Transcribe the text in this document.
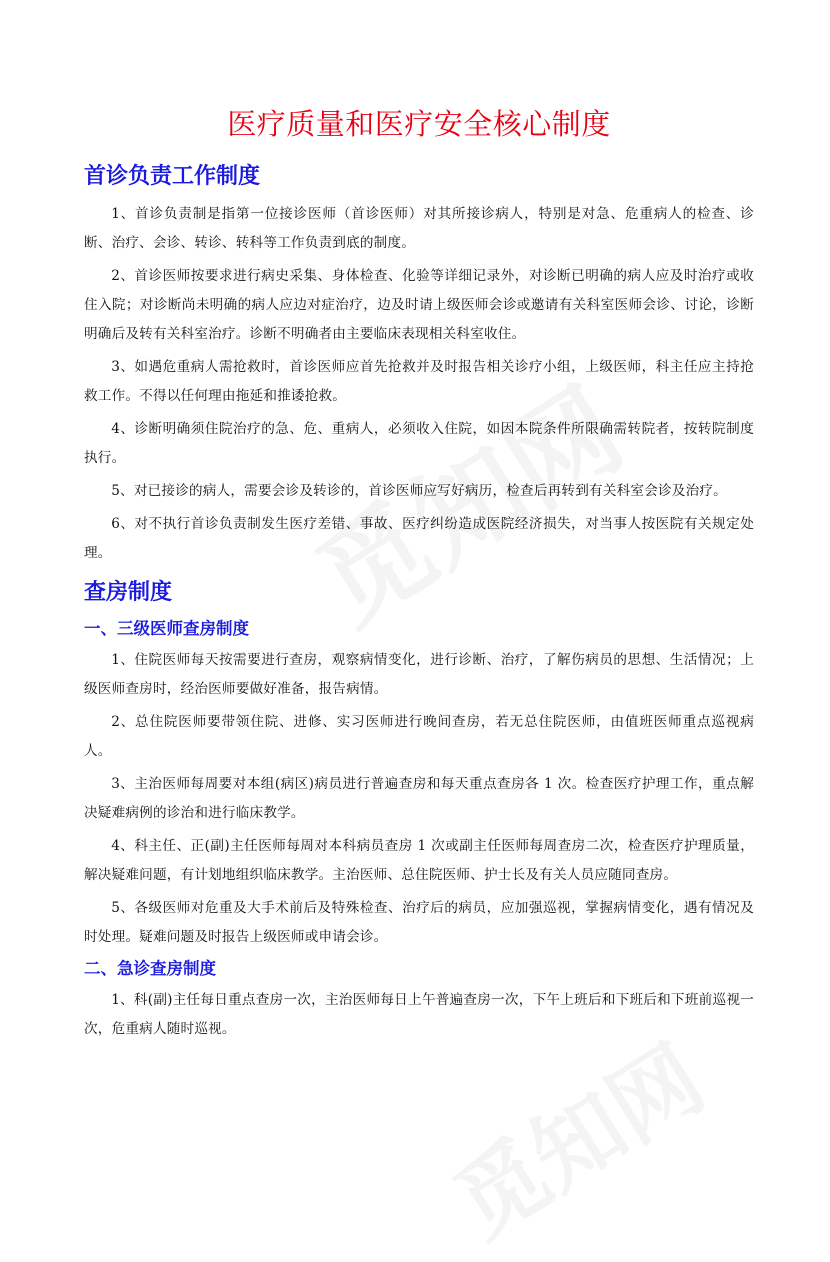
医疗质量和医疗安全核心制度
首诊负责工作制度

1、首诊负责制是指第一位接诊医师（首诊医师）对其所接诊病人，特别是对急、危重病人的检查、诊断、治疗、会诊、转诊、转科等工作负责到底的制度。

2、首诊医师按要求进行病史采集、身体检查、化验等详细记录外，对诊断已明确的病人应及时治疗或收住入院；对诊断尚未明确的病人应边对症治疗，边及时请上级医师会诊或邀请有关科室医师会诊、讨论，诊断明确后及转有关科室治疗。诊断不明确者由主要临床表现相关科室收住。

3、如遇危重病人需抢救时，首诊医师应首先抢救并及时报告相关诊疗小组，上级医师，科主任应主持抢救工作。不得以任何理由拖延和推诿抢救。

4、诊断明确须住院治疗的急、危、重病人，必须收入住院，如因本院条件所限确需转院者，按转院制度执行。

5、对已接诊的病人，需要会诊及转诊的，首诊医师应写好病历，检查后再转到有关科室会诊及治疗。

6、对不执行首诊负责制发生医疗差错、事故、医疗纠纷造成医院经济损失，对当事人按医院有关规定处理。

查房制度
一、三级医师查房制度

1、住院医师每天按需要进行查房，观察病情变化，进行诊断、治疗，了解伤病员的思想、生活情况；上级医师查房时，经治医师要做好准备，报告病情。

2、总住院医师要带领住院、进修、实习医师进行晚间查房，若无总住院医师，由值班医师重点巡视病人。

3、主治医师每周要对本组(病区)病员进行普遍查房和每天重点查房各 1 次。检查医疗护理工作，重点解决疑难病例的诊治和进行临床教学。

4、科主任、正(副)主任医师每周对本科病员查房 1 次或副主任医师每周查房二次，检查医疗护理质量，解决疑难问题，有计划地组织临床教学。主治医师、总住院医师、护士长及有关人员应随同查房。

5、各级医师对危重及大手术前后及特殊检查、治疗后的病员，应加强巡视，掌握病情变化，遇有情况及时处理。疑难问题及时报告上级医师或申请会诊。

二、急诊查房制度

1、科(副)主任每日重点查房一次，主治医师每日上午普遍查房一次，下午上班后和下班后和下班前巡视一次，危重病人随时巡视。
